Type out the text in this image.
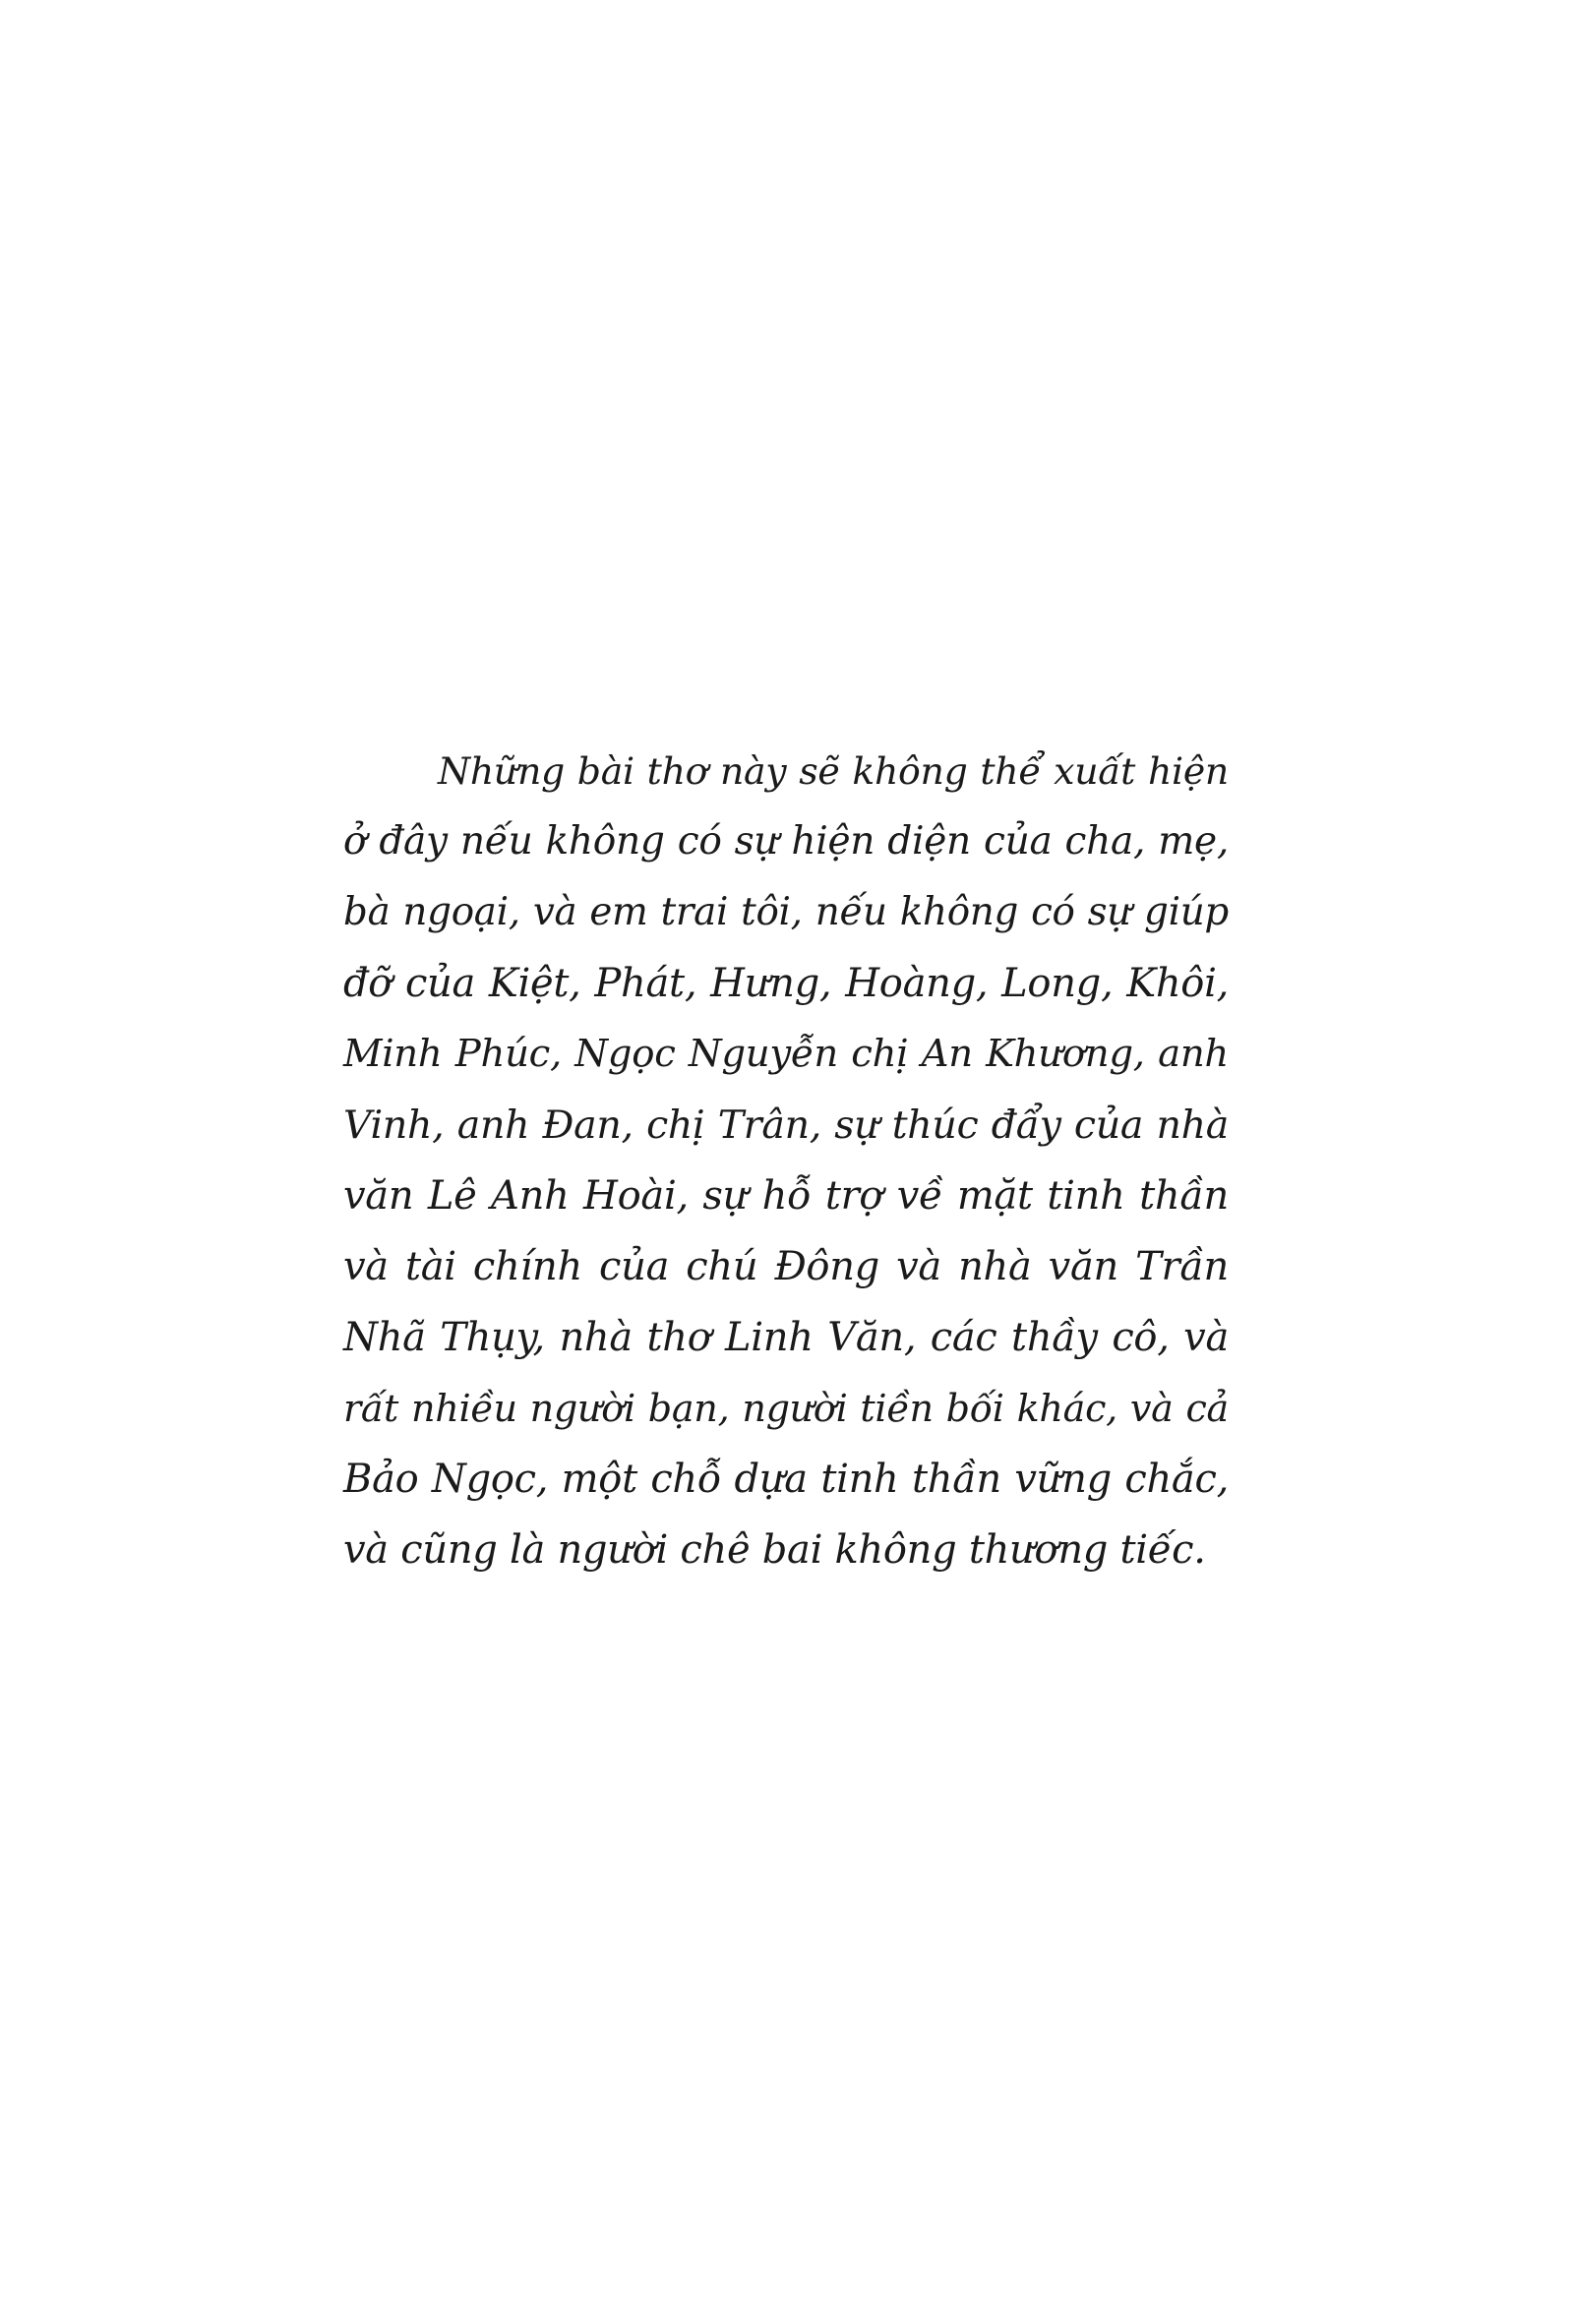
Những bài thơ này sẽ không thể xuất hiện
ở đây nếu không có sự hiện diện của cha, mẹ,
bà ngoại, và em trai tôi, nếu không có sự giúp
đỡ của Kiệt, Phát, Hưng, Hoàng, Long, Khôi,
Minh Phúc, Ngọc Nguyễn chị An Khương, anh
Vinh, anh Đan, chị Trân, sự thúc đẩy của nhà
văn Lê Anh Hoài, sự hỗ trợ về mặt tinh thần
và tài chính của chú Đông và nhà văn Trần
Nhã Thụy, nhà thơ Linh Văn, các thầy cô, và
rất nhiều người bạn, người tiền bối khác, và cả
Bảo Ngọc, một chỗ dựa tinh thần vững chắc,
và cũng là người chê bai không thương tiếc.
